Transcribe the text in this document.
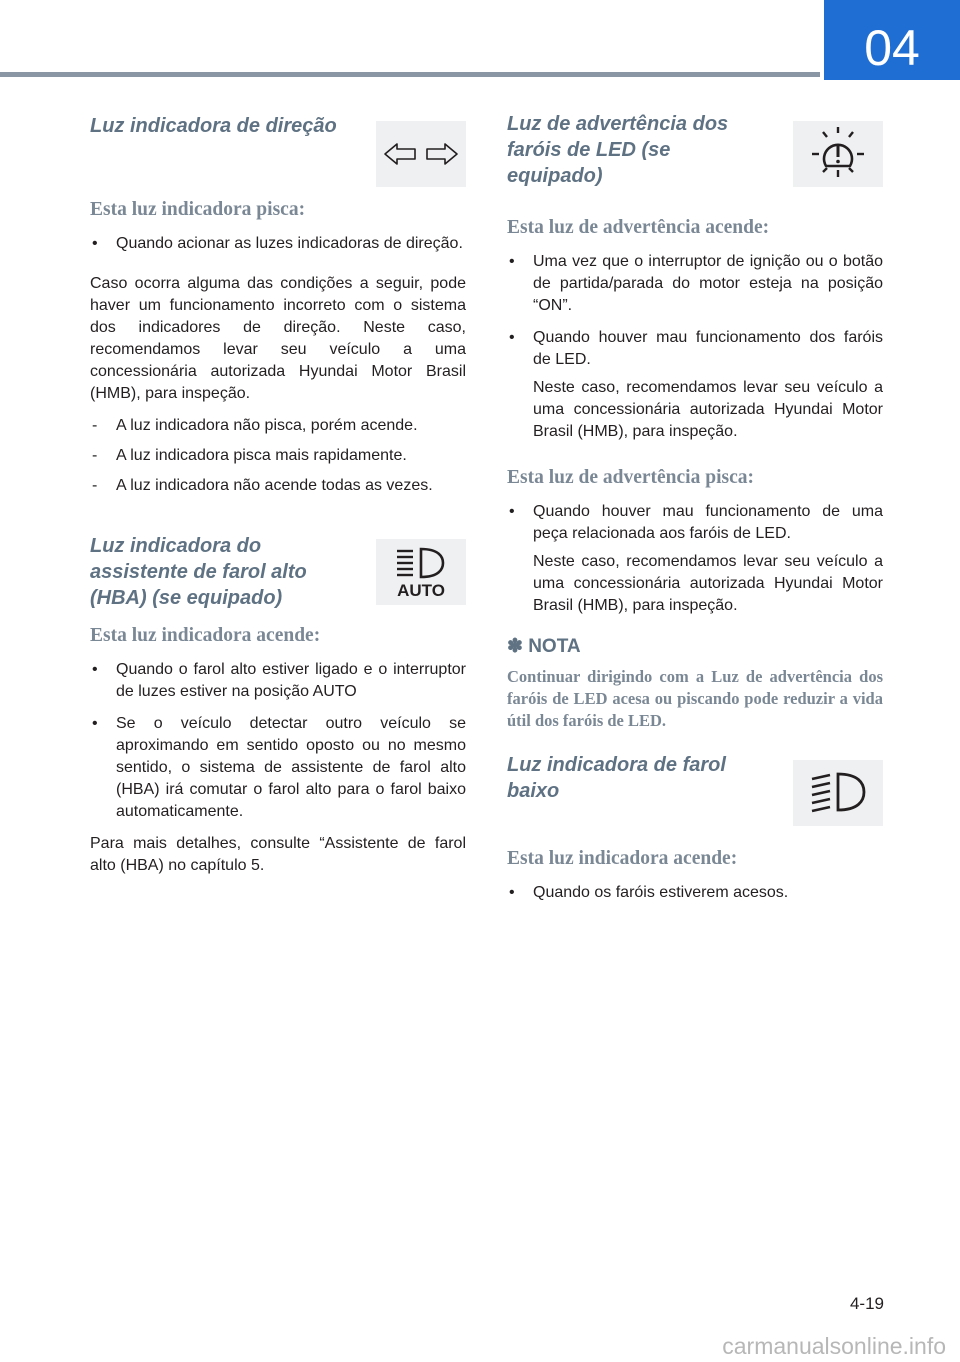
04
Luz indicadora de direção
Esta luz indicadora pisca:
• Quando acionar as luzes indicadoras de direção.

Caso ocorra alguma das condições a seguir, pode haver um funcionamento incorreto com o sistema dos indicadores de direção. Neste caso, recomendamos levar seu veículo a uma concessionária autorizada Hyundai Motor Brasil (HMB), para inspeção.

- A luz indicadora não pisca, porém acende.
- A luz indicadora pisca mais rapidamente.
- A luz indicadora não acende todas as vezes.
Luz indicadora do assistente de farol alto (HBA) (se equipado)	AUTO
Esta luz indicadora acende:
• Quando o farol alto estiver ligado e o interruptor de luzes estiver na posição AUTO
• Se o veículo detectar outro veículo se aproximando em sentido oposto ou no mesmo sentido, o sistema de assistente de farol alto (HBA) irá comutar o farol alto para o farol baixo automaticamente.

Para mais detalhes, consulte “Assistente de farol alto (HBA) no capítulo 5.

Luz de advertência dos faróis de LED (se equipado)
Esta luz de advertência acende:
• Uma vez que o interruptor de ignição ou o botão de partida/parada do motor esteja na posição “ON”.
• Quando houver mau funcionamento dos faróis de LED.

Neste caso, recomendamos levar seu veículo a uma concessionária autorizada Hyundai Motor Brasil (HMB), para inspeção.

Esta luz de advertência pisca:
• Quando houver mau funcionamento de uma peça relacionada aos faróis de LED.

Neste caso, recomendamos levar seu veículo a uma concessionária autorizada Hyundai Motor Brasil (HMB), para inspeção.

✽ NOTA

Continuar dirigindo com a Luz de advertência dos faróis de LED acesa ou piscando pode reduzir a vida útil dos faróis de LED.

Luz indicadora de farol baixo
Esta luz indicadora acende:
• Quando os faróis estiverem acesos.
4-19
carmanualsonline.info
